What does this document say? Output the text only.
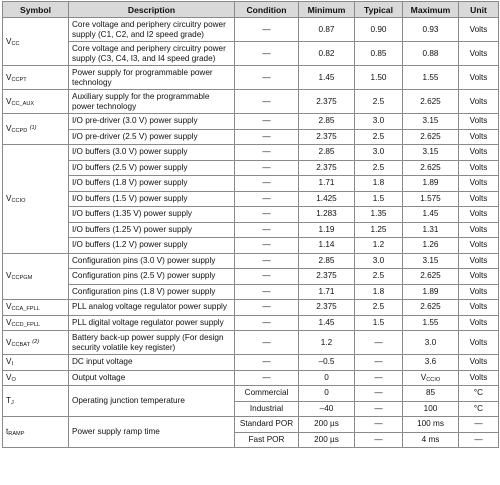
Symbol	Description	Condition	Minimum	Typical	Maximum	Unit
$V_{CC}$	Core voltage and periphery circuitry power supply (C1, C2, and I2 speed grade)	—	0.87	0.90	0.93	Volts
	Core voltage and periphery circuitry power supply (C3, C4, I3, and I4 speed grade)	—	0.82	0.85	0.88	Volts
$V_{CCPT}$	Power supply for programmable power technology	—	1.45	1.50	1.55	Volts
$V_{CC\_AUX}$	Auxiliary supply for the programmable power technology	—	2.375	2.5	2.625	Volts
$V_{CCPD}$ $^{(1)}$	I/O pre-driver (3.0 V) power supply	—	2.85	3.0	3.15	Volts
	I/O pre-driver (2.5 V) power supply	—	2.375	2.5	2.625	Volts
$V_{CCIO}$	I/O buffers (3.0 V) power supply	—	2.85	3.0	3.15	Volts
	I/O buffers (2.5 V) power supply	—	2.375	2.5	2.625	Volts
	I/O buffers (1.8 V) power supply	—	1.71	1.8	1.89	Volts
	I/O buffers (1.5 V) power supply	—	1.425	1.5	1.575	Volts
	I/O buffers (1.35 V) power supply	—	1.283	1.35	1.45	Volts
	I/O buffers (1.25 V) power supply	—	1.19	1.25	1.31	Volts
	I/O buffers (1.2 V) power supply	—	1.14	1.2	1.26	Volts
$V_{CCPGM}$	Configuration pins (3.0 V) power supply	—	2.85	3.0	3.15	Volts
	Configuration pins (2.5 V) power supply	—	2.375	2.5	2.625	Volts
	Configuration pins (1.8 V) power supply	—	1.71	1.8	1.89	Volts
$V_{CCA\_FPLL}$	PLL analog voltage regulator power supply	—	2.375	2.5	2.625	Volts
$V_{CCD\_FPLL}$	PLL digital voltage regulator power supply	—	1.45	1.5	1.55	Volts
$V_{CCBAT}$ $^{(2)}$	Battery back-up power supply (For design security volatile key register)	—	1.2	—	3.0	Volts
$V_I$	DC input voltage	—	–0.5	—	3.6	Volts
$V_O$	Output voltage	—	0	—	$V_{CCIO}$	Volts
$T_J$	Operating junction temperature	Commercial	0	—	85	°C
		Industrial	–40	—	100	°C
$t_{RAMP}$	Power supply ramp time	Standard POR	200 µs	—	100 ms	—
		Fast POR	200 µs	—	4 ms	—
